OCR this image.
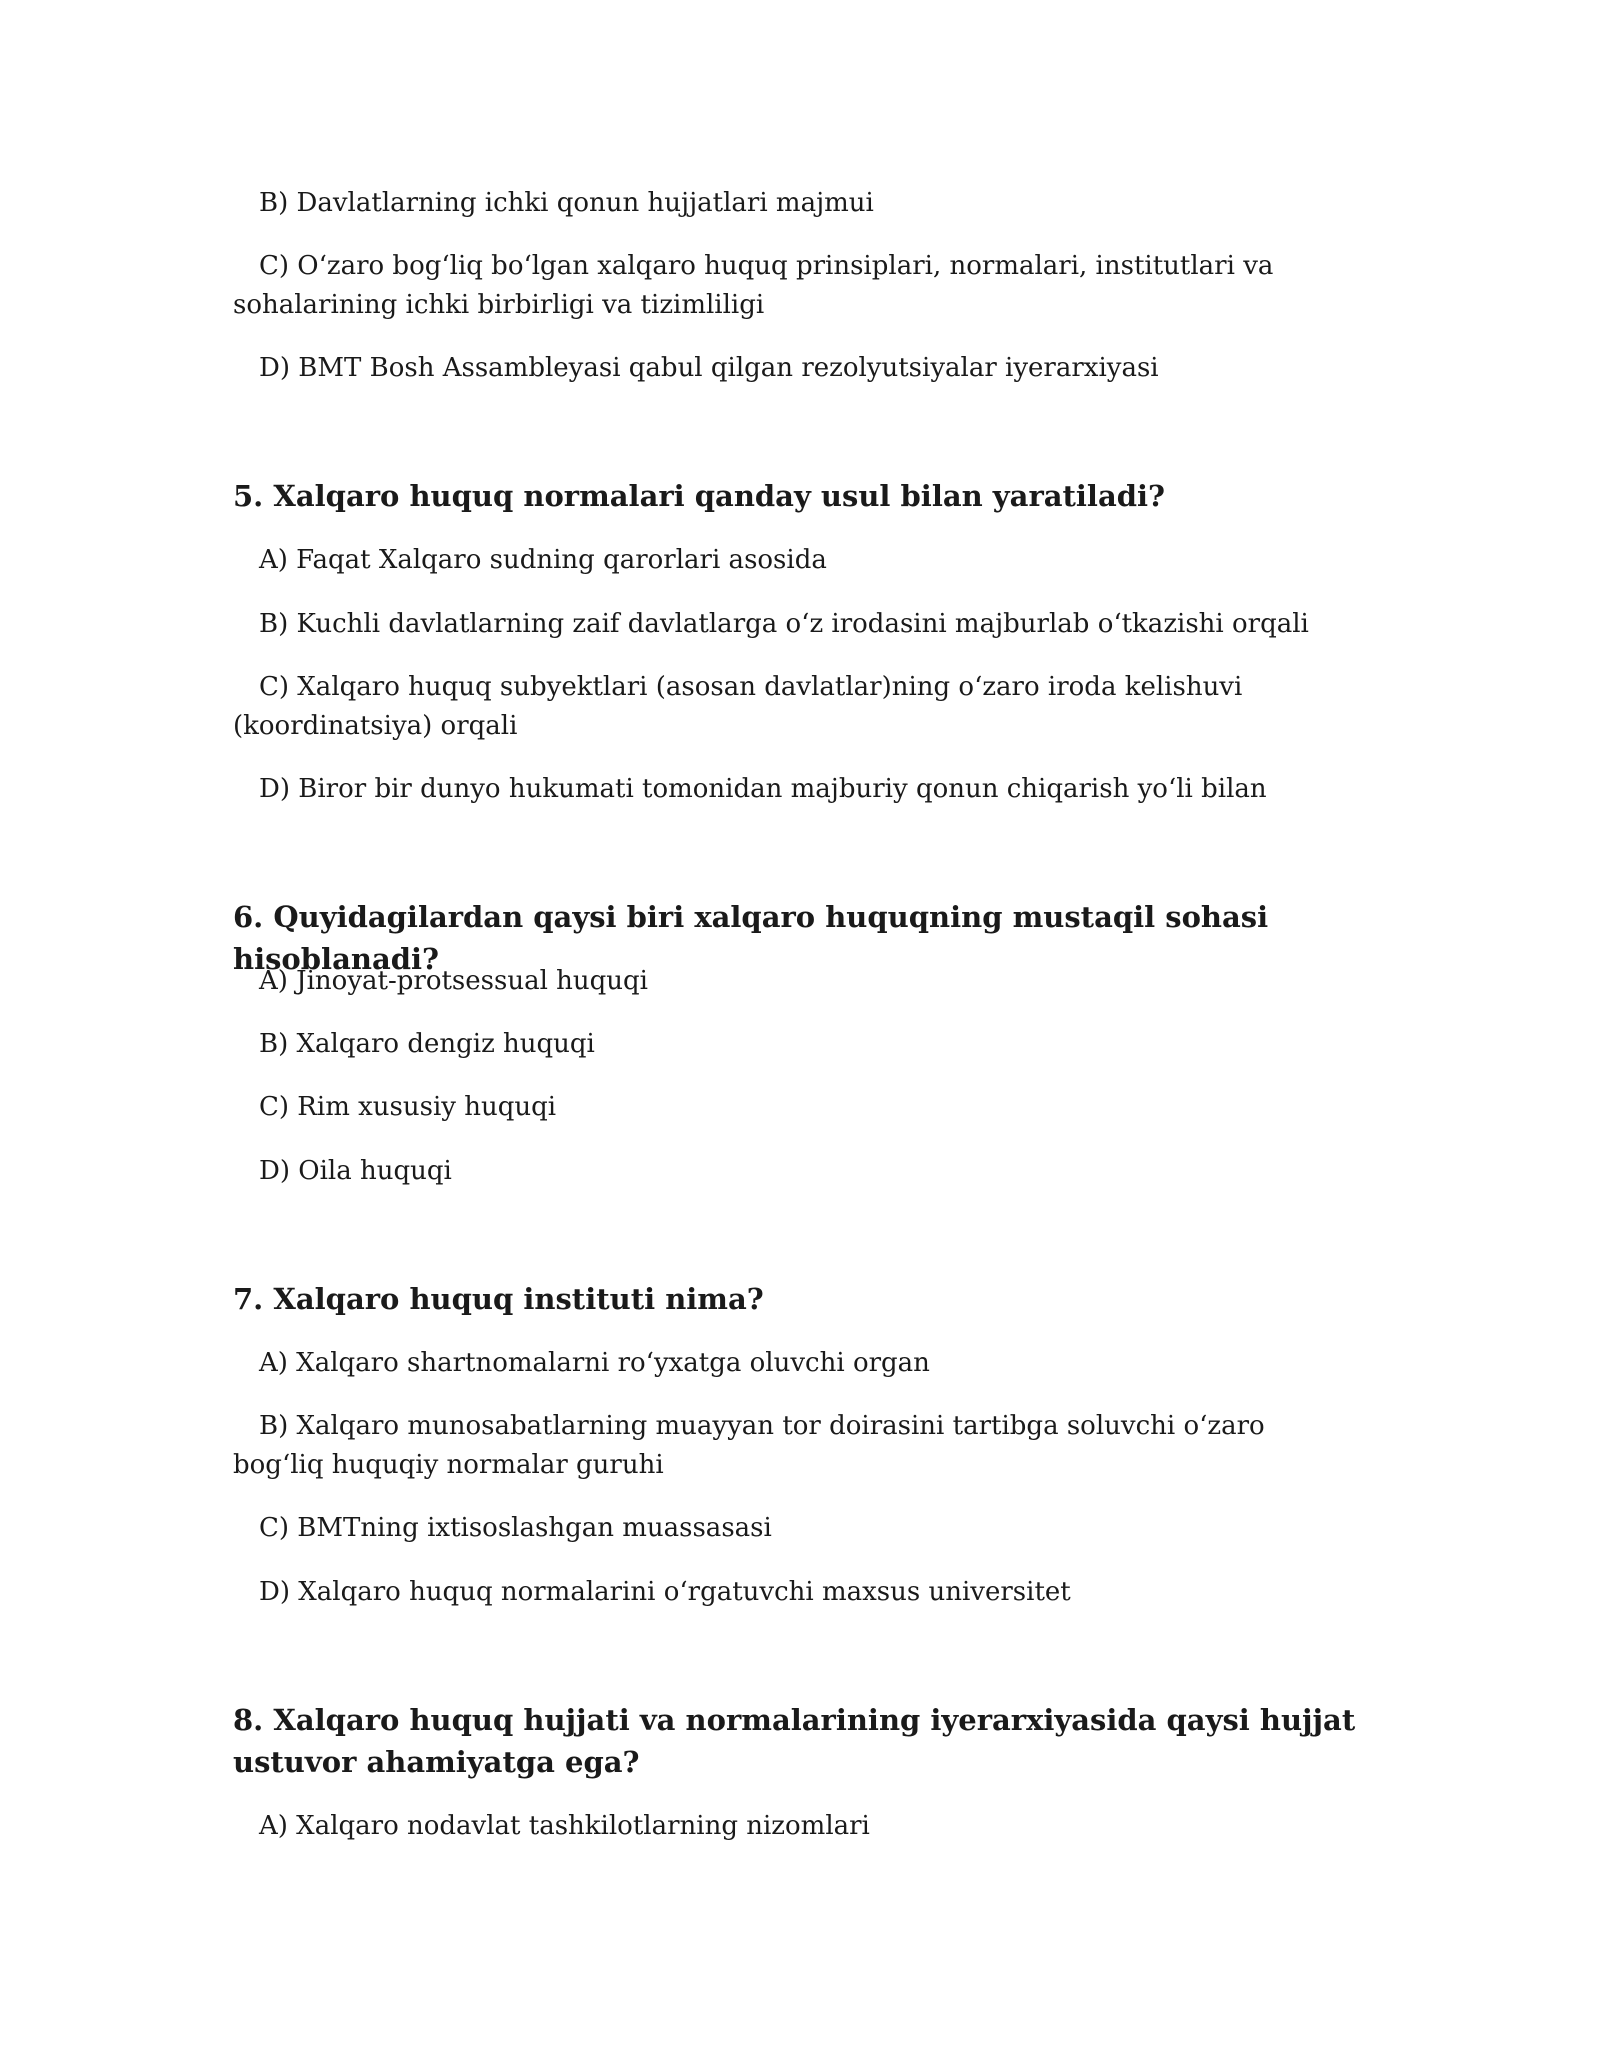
B) Davlatlarning ichki qonun hujjatlari majmui

C) O‘zaro bog‘liq bo‘lgan xalqaro huquq prinsiplari, normalari, institutlari va sohalarining ichki birbirligi va tizimliligi

D) BMT Bosh Assambleyasi qabul qilgan rezolyutsiyalar iyerarxiyasi

5. Xalqaro huquq normalari qanday usul bilan yaratiladi?

A) Faqat Xalqaro sudning qarorlari asosida

B) Kuchli davlatlarning zaif davlatlarga o‘z irodasini majburlab o‘tkazishi orqali

C) Xalqaro huquq subyektlari (asosan davlatlar)ning o‘zaro iroda kelishuvi (koordinatsiya) orqali

D) Biror bir dunyo hukumati tomonidan majburiy qonun chiqarish yo‘li bilan

6. Quyidagilardan qaysi biri xalqaro huquqning mustaqil sohasi hisoblanadi?

A) Jinoyat-protsessual huquqi

B) Xalqaro dengiz huquqi

C) Rim xususiy huquqi

D) Oila huquqi

7. Xalqaro huquq instituti nima?

A) Xalqaro shartnomalarni ro‘yxatga oluvchi organ

B) Xalqaro munosabatlarning muayyan tor doirasini tartibga soluvchi o‘zaro bog‘liq huquqiy normalar guruhi

C) BMTning ixtisoslashgan muassasasi

D) Xalqaro huquq normalarini o‘rgatuvchi maxsus universitet

8. Xalqaro huquq hujjati va normalarining iyerarxiyasida qaysi hujjat ustuvor ahamiyatga ega?

A) Xalqaro nodavlat tashkilotlarning nizomlari
